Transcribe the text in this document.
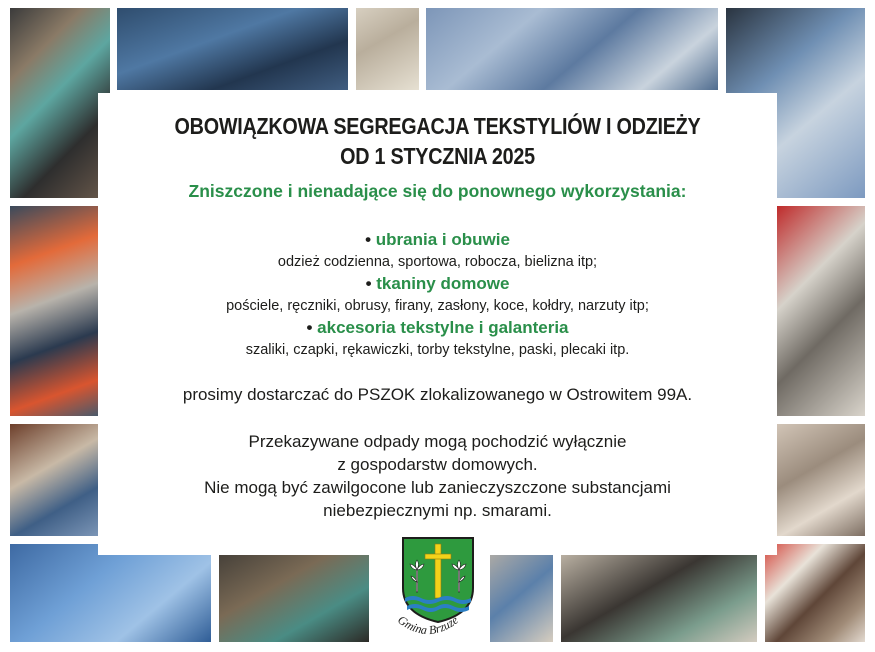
OBOWIĄZKOWA SEGREGACJA TEKSTYLIÓW I ODZIEŻY
OD 1 STYCZNIA 2025
Zniszczone i nienadające się do ponownego wykorzystania:
• ubrania i obuwie
odzież codzienna, sportowa, robocza, bielizna itp;
• tkaniny domowe
pościele, ręczniki, obrusy, firany, zasłony, koce, kołdry, narzuty itp;
• akcesoria tekstylne i galanteria
szaliki, czapki, rękawiczki, torby tekstylne, paski, plecaki itp.
prosimy dostarczać do PSZOK zlokalizowanego w Ostrowitem 99A.
Przekazywane odpady mogą pochodzić wyłącznie
z gospodarstw domowych.
Nie mogą być zawilgocone lub zanieczyszczone substancjami
niebezpiecznymi np. smarami.
Gmina Brzuze
